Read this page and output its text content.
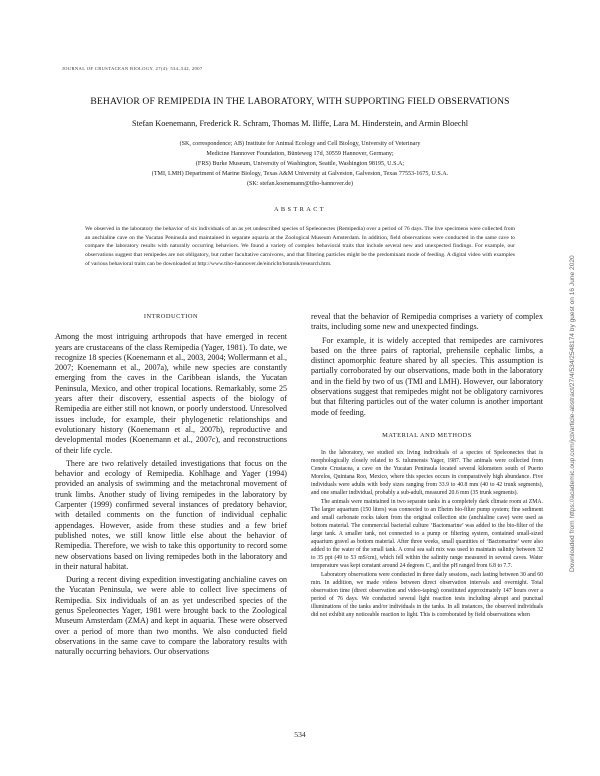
JOURNAL OF CRUSTACEAN BIOLOGY, 27(4): 534–542, 2007
BEHAVIOR OF REMIPEDIA IN THE LABORATORY, WITH SUPPORTING FIELD OBSERVATIONS
Stefan Koenemann, Frederick R. Schram, Thomas M. Iliffe, Lara M. Hinderstein, and Armin Bloechl
(SK, correspondence; AB) Institute for Animal Ecology and Cell Biology, University of Veterinary
Medicine Hannover Foundation, Bünteweg 17d, 30559 Hannover, Germany;
(FRS) Burke Museum, University of Washington, Seattle, Washington 98195, U.S.A;
(TMI, LMH) Department of Marine Biology, Texas A&M University at Galveston, Galveston, Texas 77553-1675, U.S.A.
(SK: stefan.koenemann@tiho-hannover.de)
ABSTRACT

We observed in the laboratory the behavior of six individuals of an as yet undescribed species of Speleonectes (Remipedia) over a period of 76 days. The live specimens were collected from an anchialine cave on the Yucatan Peninsula and maintained in separate aquaria at the Zoological Museum Amsterdam. In addition, field observations were conducted in the same cave to compare the laboratory results with naturally occurring behaviors. We found a variety of complex behavioral traits that include several new and unexpected findings. For example, our observations suggest that remipedes are not obligatory, but rather facultative carnivores, and that filtering particles might be the predominant mode of feeding. A digital video with examples of various behavioral traits can be downloaded at http://www.tiho-hannover.de/einricht/botanik/research.htm.	Downloaded from https://academic.oup.com/jcb/article-abstract/27/4/534/2548174 by guest on 16 June 2020
INTRODUCTION

Among the most intriguing arthropods that have emerged in recent years are crustaceans of the class Remipedia (Yager, 1981). To date, we recognize 18 species (Koenemann et al., 2003, 2004; Wollermann et al., 2007; Koenemann et al., 2007a), while new species are constantly emerging from the caves in the Caribbean islands, the Yucatan Peninsula, Mexico, and other tropical locations. Remarkably, some 25 years after their discovery, essential aspects of the biology of Remipedia are either still not known, or poorly understood. Unresolved issues include, for example, their phylogenetic relationships and evolutionary history (Koenemann et al., 2007b), reproductive and developmental modes (Koenemann et al., 2007c), and reconstructions of their life cycle.

There are two relatively detailed investigations that focus on the behavior and ecology of Remipedia. Kohlhage and Yager (1994) provided an analysis of swimming and the metachronal movement of trunk limbs. Another study of living remipedes in the laboratory by Carpenter (1999) confirmed several instances of predatory behavior, with detailed comments on the function of individual cephalic appendages. However, aside from these studies and a few brief published notes, we still know little else about the behavior of Remipedia. Therefore, we wish to take this opportunity to record some new observations based on living remipedes both in the laboratory and in their natural habitat.

During a recent diving expedition investigating anchialine caves on the Yucatan Peninsula, we were able to collect live specimens of Remipedia. Six individuals of an as yet undescribed species of the genus Speleonectes Yager, 1981 were brought back to the Zoological Museum Amsterdam (ZMA) and kept in aquaria. These were observed over a period of more than two months. We also conducted field observations in the same cave to compare the laboratory results with naturally occurring behaviors. Our observations

reveal that the behavior of Remipedia comprises a variety of complex traits, including some new and unexpected findings.

For example, it is widely accepted that remipedes are carnivores based on the three pairs of raptorial, prehensile cephalic limbs, a distinct apomorphic feature shared by all species. This assumption is partially corroborated by our observations, made both in the laboratory and in the field by two of us (TMI and LMH). However, our laboratory observations suggest that remipedes might not be obligatory carnivores but that filtering particles out of the water column is another important mode of feeding.

MATERIAL AND METHODS

In the laboratory, we studied six living individuals of a species of Speleonectes that is morphologically closely related to S. tulumensis Yager, 1987. The animals were collected from Cenote Crustacea, a cave on the Yucatan Peninsula located several kilometers south of Puerto Morelos, Quintana Roo, Mexico, where this species occurs in comparatively high abundance. Five individuals were adults with body sizes ranging from 33.9 to 40.8 mm (40 to 42 trunk segments), and one smaller individual, probably a sub-adult, measured 20.6 mm (35 trunk segments).

The animals were maintained in two separate tanks in a completely dark climate room at ZMA. The larger aquarium (150 liters) was connected to an Eheim bio-filter pump system; fine sediment and small carbonate rocks taken from the original collection site (anchialine cave) were used as bottom material. The commercial bacterial culture ‘Bactomarine’ was added to the bio-filter of the large tank. A smaller tank, not connected to a pump or filtering system, contained small-sized aquarium gravel as bottom material. After three weeks, small quantities of ‘Bactomarine’ were also added to the water of the small tank. A coral sea salt mix was used to maintain salinity between 32 to 35 ppt (49 to 53 mS/cm), which fell within the salinity range measured in several caves. Water temperature was kept constant around 24 degrees C, and the pH ranged from 6.8 to 7.7.

Laboratory observations were conducted in three daily sessions, each lasting between 30 and 60 min. In addition, we made videos between direct observation intervals and overnight. Total observation time (direct observation and video-taping) constituted approximately 147 hours over a period of 76 days. We conducted several light reaction tests including abrupt and punctual illuminations of the tanks and/or individuals in the tanks. In all instances, the observed individuals did not exhibit any noticeable reaction to light. This is corroborated by field observations when

534
